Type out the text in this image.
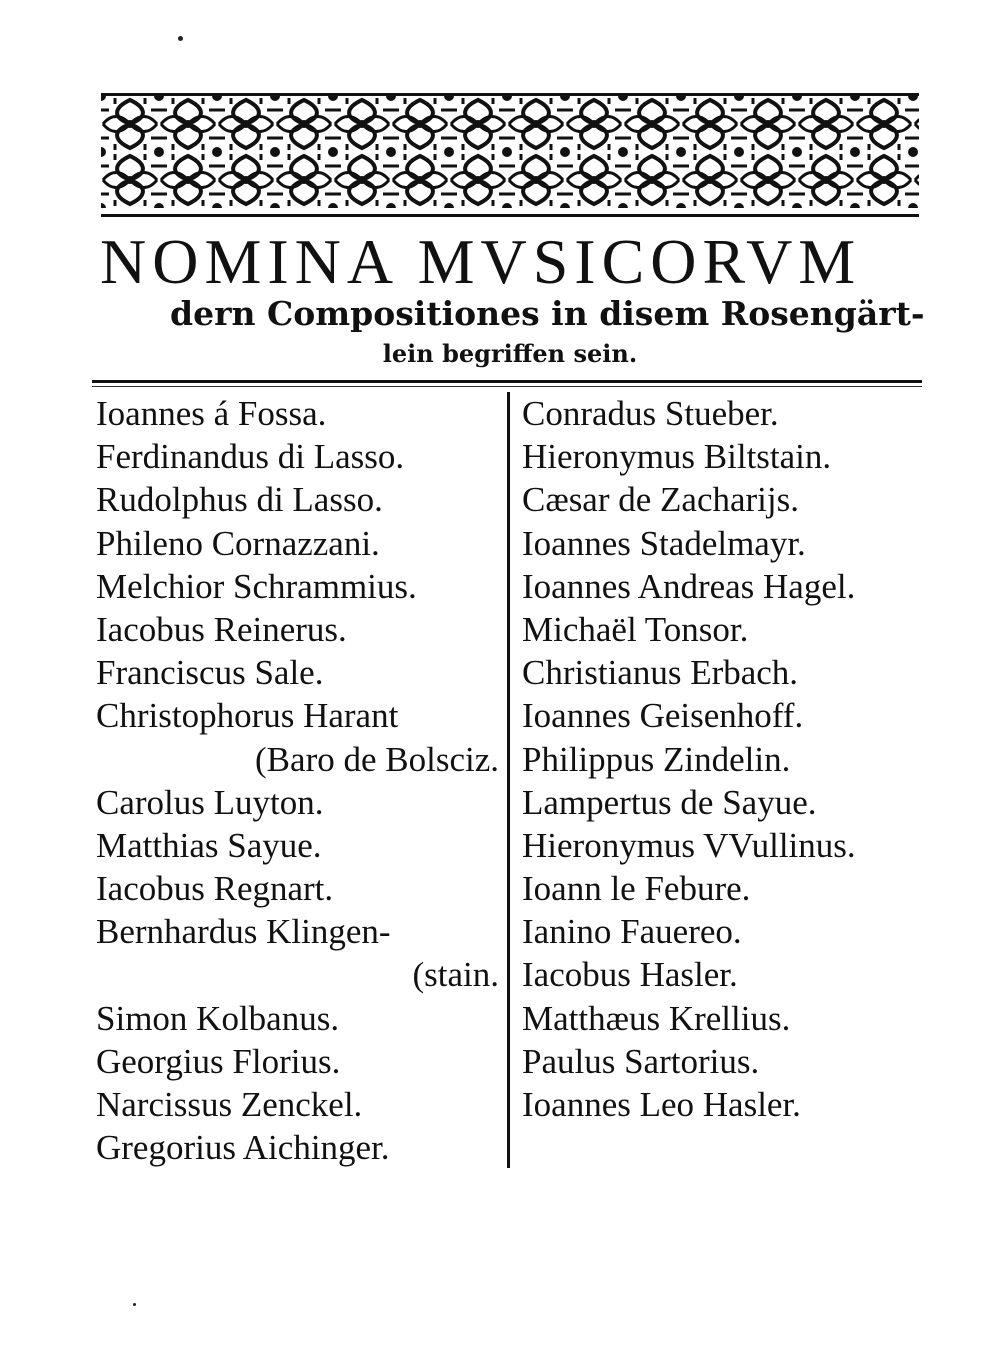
NOMINA MVSICORVM
dern Compositiones in disem Rosengärt-
lein begriffen sein.
Ioannes á Fossa.
Ferdinandus di Lasso.
Rudolphus di Lasso.
Phileno Cornazzani.
Melchior Schrammius.
Iacobus Reinerus.
Franciscus Sale.
Christophorus Harant
(Baro de Bolsciz.
Carolus Luyton.
Matthias Sayue.
Iacobus Regnart.
Bernhardus Klingen-
(stain.
Simon Kolbanus.
Georgius Florius.
Narcissus Zenckel.
Gregorius Aichinger.
Conradus Stueber.
Hieronymus Biltstain.
Cæsar de Zacharijs.
Ioannes Stadelmayr.
Ioannes Andreas Hagel.
Michaël Tonsor.
Christianus Erbach.
Ioannes Geisenhoff.
Philippus Zindelin.
Lampertus de Sayue.
Hieronymus VVullinus.
Ioann le Febure.
Ianino Fauereo.
Iacobus Hasler.
Matthæus Krellius.
Paulus Sartorius.
Ioannes Leo Hasler.
